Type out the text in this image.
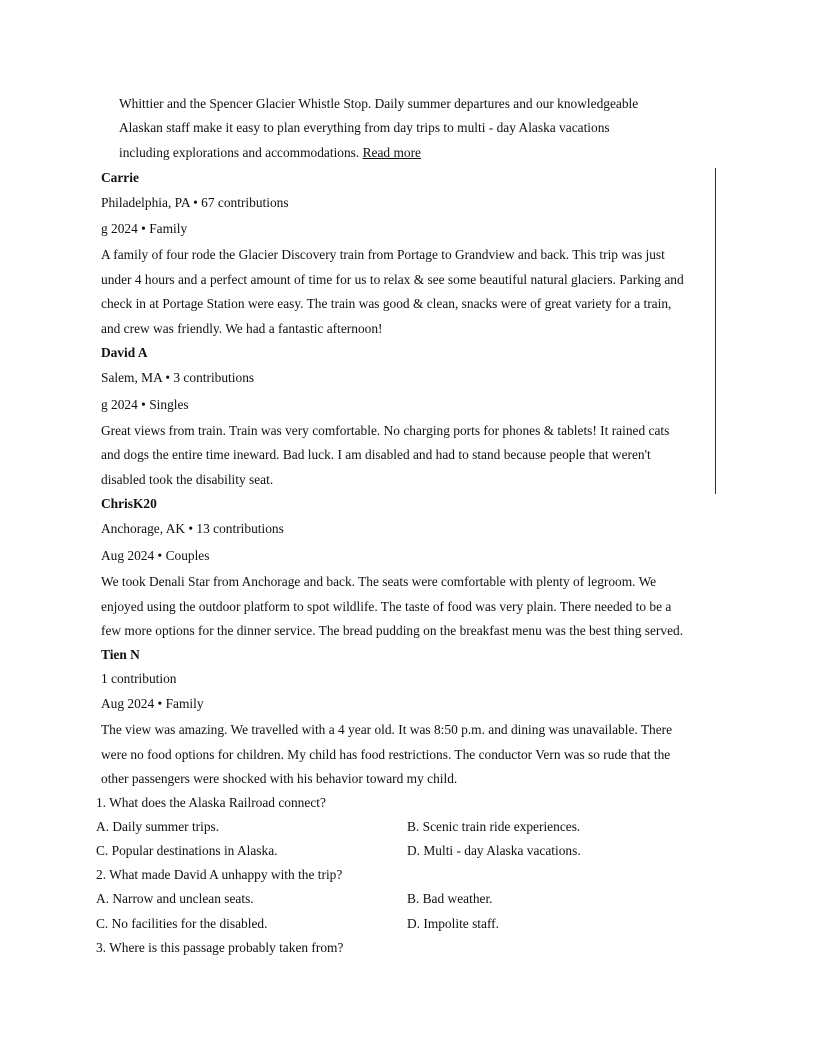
Whittier and the Spencer Glacier Whistle Stop. Daily summer departures and our knowledgeable
Alaskan staff make it easy to plan everything from day trips to multi - day Alaska vacations
including explorations and accommodations. Read more
Carrie
Philadelphia, PA • 67 contributions
g 2024 • Family
A family of four rode the Glacier Discovery train from Portage to Grandview and back. This trip was just
under 4 hours and a perfect amount of time for us to relax & see some beautiful natural glaciers. Parking and
check in at Portage Station were easy. The train was good & clean, snacks were of great variety for a train,
and crew was friendly. We had a fantastic afternoon!
David A
Salem, MA • 3 contributions
g 2024 • Singles
Great views from train. Train was very comfortable. No charging ports for phones & tablets! It rained cats
and dogs the entire time ineward. Bad luck. I am disabled and had to stand because people that weren't
disabled took the disability seat.
ChrisK20
Anchorage, AK • 13 contributions
Aug 2024 • Couples
We took Denali Star from Anchorage and back. The seats were comfortable with plenty of legroom. We
enjoyed using the outdoor platform to spot wildlife. The taste of food was very plain. There needed to be a
few more options for the dinner service. The bread pudding on the breakfast menu was the best thing served.
Tien N
1 contribution
Aug 2024 • Family
The view was amazing. We travelled with a 4 year old. It was 8:50 p.m. and dining was unavailable. There
were no food options for children. My child has food restrictions. The conductor Vern was so rude that the
other passengers were shocked with his behavior toward my child.
1. What does the Alaska Railroad connect?
A. Daily summer trips.	B. Scenic train ride experiences.
C. Popular destinations in Alaska.	D. Multi - day Alaska vacations.
2. What made David A unhappy with the trip?
A. Narrow and unclean seats.	B. Bad weather.
C. No facilities for the disabled.	D. Impolite staff.
3. Where is this passage probably taken from?
